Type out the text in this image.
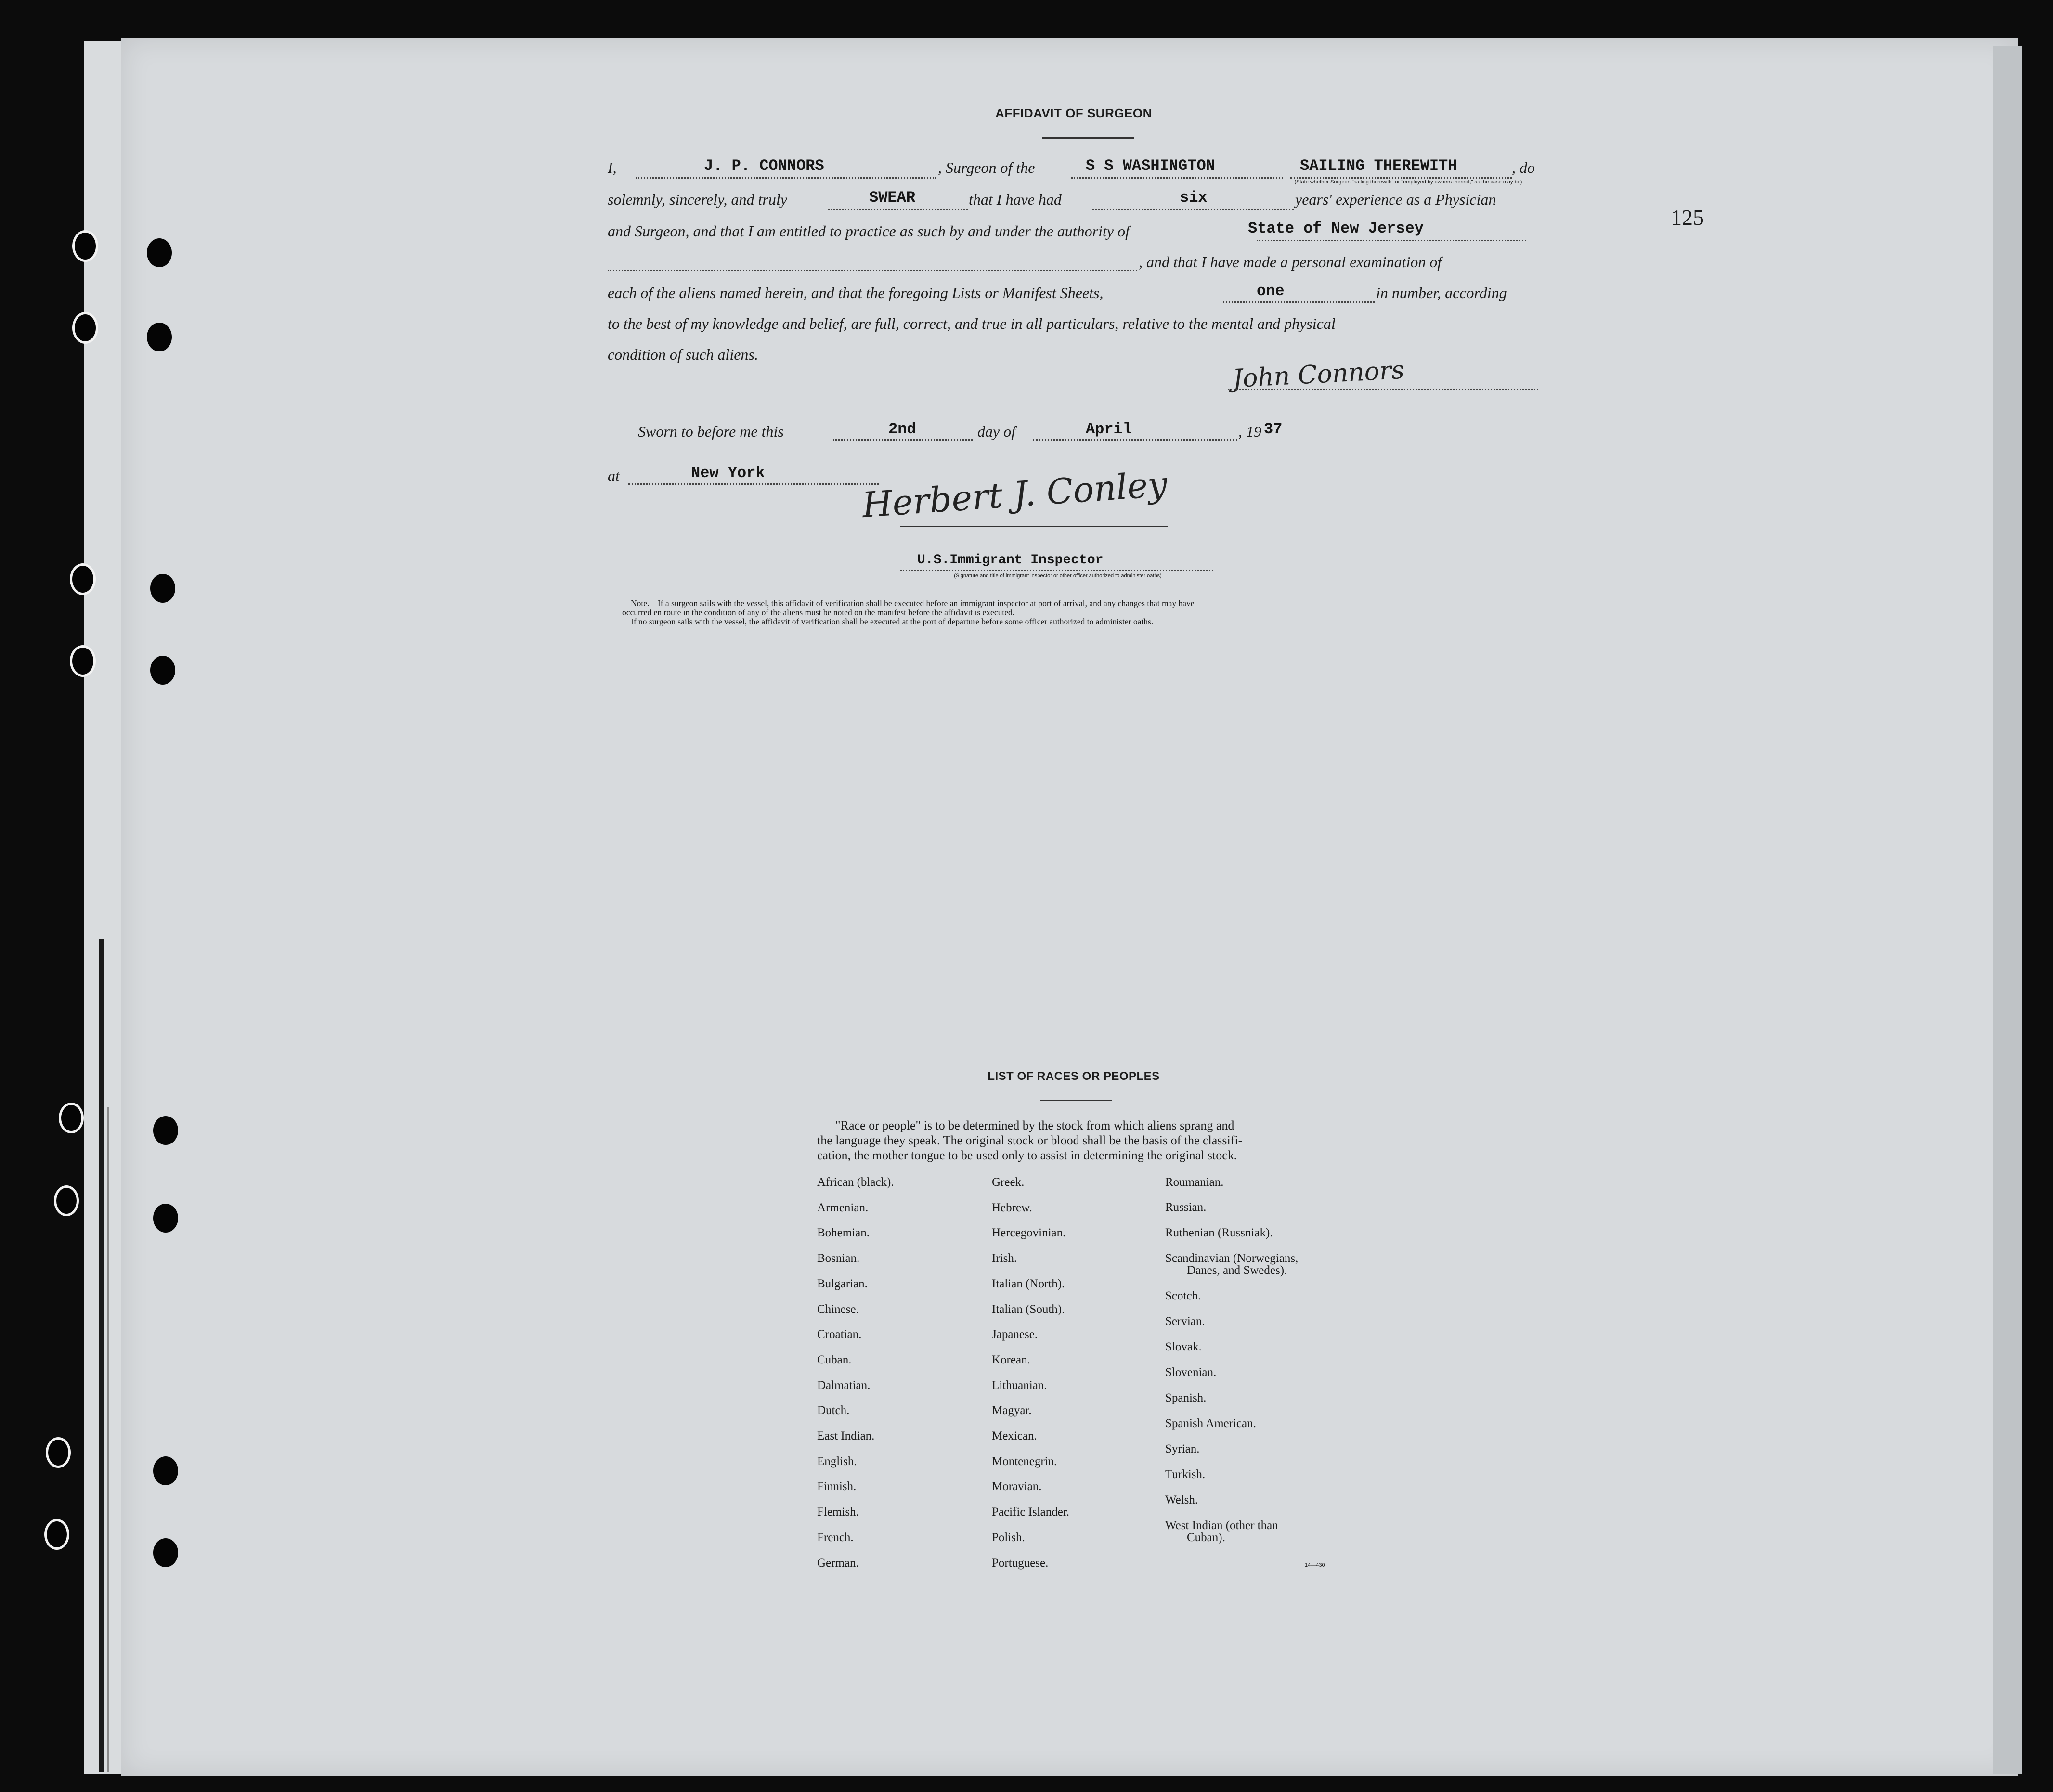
125
AFFIDAVIT OF SURGEON
I,	J. P. CONNORS	, Surgeon of the	S S WASHINGTON	SAILING THEREWITH	, do
(State whether Surgeon "sailing therewith" or "employed by owners thereof," as the case may be)
solemnly, sincerely, and truly	SWEAR	that I have had	six	years' experience as a Physician
and Surgeon, and that I am entitled to practice as such by and under the authority of	State of New Jersey
, and that I have made a personal examination of
each of the aliens named herein, and that the foregoing Lists or Manifest Sheets,	one	in number, according
to the best of my knowledge and belief, are full, correct, and true in all particulars, relative to the mental and physical
condition of such aliens.
John Connors
Sworn to before me this	2nd	day of	April	, 19 37
at	New York	Herbert J. Conley
U.S.Immigrant Inspector
(Signature and title of immigrant inspector or other officer authorized to administer oaths)
Note.—If a surgeon sails with the vessel, this affidavit of verification shall be executed before an immigrant inspector at port of arrival, and any changes that may have
occurred en route in the condition of any of the aliens must be noted on the manifest before the affidavit is executed.
If no surgeon sails with the vessel, the affidavit of verification shall be executed at the port of departure before some officer authorized to administer oaths.
LIST OF RACES OR PEOPLES
"Race or people" is to be determined by the stock from which aliens sprang and
the language they speak. The original stock or blood shall be the basis of the classifi-
cation, the mother tongue to be used only to assist in determining the original stock.
African (black).
Armenian.
Bohemian.
Bosnian.
Bulgarian.
Chinese.
Croatian.
Cuban.
Dalmatian.
Dutch.
East Indian.
English.
Finnish.
Flemish.
French.
German.
Greek.
Hebrew.
Hercegovinian.
Irish.
Italian (North).
Italian (South).
Japanese.
Korean.
Lithuanian.
Magyar.
Mexican.
Montenegrin.
Moravian.
Pacific Islander.
Polish.
Portuguese.
Roumanian.
Russian.
Ruthenian (Russniak).
Scandinavian (Norwegians,
Danes, and Swedes).
Scotch.
Servian.
Slovak.
Slovenian.
Spanish.
Spanish American.
Syrian.
Turkish.
Welsh.
West Indian (other than
Cuban).
14—430
